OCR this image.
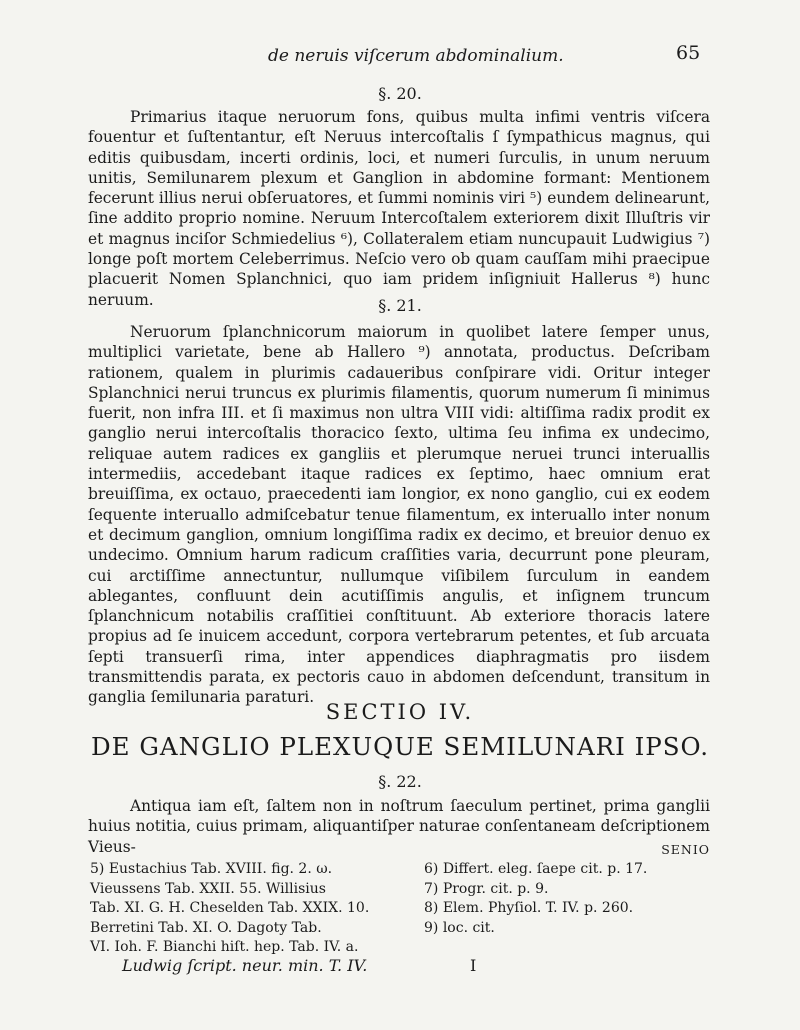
de neruis viſcerum abdominalium.	65
§. 20.

Primarius itaque neruorum fons, quibus multa infimi ventris viſcera fouentur et ſuſtentantur, eſt Neruus intercoſtalis ſ ſympathicus magnus, qui editis quibusdam, incerti ordinis, loci, et numeri ſurculis, in unum neruum unitis, Semilunarem plexum et Ganglion in abdomine formant: Mentionem fecerunt illius nerui obſeruatores, et ſummi nominis viri ⁵) eundem delinearunt, ſine addito proprio nomine. Neruum Intercoſtalem exteriorem dixit Illuſtris vir et magnus inciſor Schmiedelius ⁶), Collateralem etiam nuncupauit Ludwigius ⁷) longe poſt mortem Celeberrimus. Neſcio vero ob quam cauſſam mihi praecipue placuerit Nomen Splanchnici, quo iam pridem inſigniuit Hallerus ⁸) hunc neruum.	§. 21.

Neruorum ſplanchnicorum maiorum in quolibet latere ſemper unus, multiplici varietate, bene ab Hallero ⁹) annotata, productus. Deſcribam rationem, qualem in plurimis cadaueribus conſpirare vidi. Oritur integer Splanchnici nerui truncus ex plurimis filamentis, quorum numerum ſi minimus fuerit, non infra III. et ſi maximus non ultra VIII vidi: altiſſima radix prodit ex ganglio nerui intercoſtalis thoracico ſexto, ultima ſeu infima ex undecimo, reliquae autem radices ex gangliis et plerumque neruei trunci interuallis intermediis, accedebant itaque radices ex ſeptimo, haec omnium erat breuiſſima, ex octauo, praecedenti iam longior, ex nono ganglio, cui ex eodem ſequente interuallo admiſcebatur tenue filamentum, ex interuallo inter nonum et decimum ganglion, omnium longiſſima radix ex decimo, et breuior denuo ex undecimo. Omnium harum radicum craſſities varia, decurrunt pone pleuram, cui arctiſſime annectuntur, nullumque viſibilem ſurculum in eandem ablegantes, confluunt dein acutiſſimis angulis, et inſignem truncum ſplanchnicum notabilis craſſitiei conſtituunt. Ab exteriore thoracis latere propius ad ſe inuicem accedunt, corpora vertebrarum petentes, et ſub arcuata ſepti transuerſi rima, inter appendices diaphragmatis pro iisdem transmittendis parata, ex pectoris cauo in abdomen deſcendunt, transitum in ganglia ſemilunaria paraturi.

SECTIO IV.
DE GANGLIO PLEXUQUE SEMILUNARI IPSO.
§. 22.

Antiqua iam eſt, ſaltem non in noſtrum ſaeculum pertinet, prima ganglii huius notitia, cuius primam, aliquantiſper naturae conſentaneam deſcriptionem Vieus-	SENIO
5) Eustachius Tab. XVIII. fig. 2. ω.
Vieussens Tab. XXII. 55. Willisius
Tab. XI. G. H. Cheselden Tab. XXIX. 10.
Berretini Tab. XI. O. Dagoty Tab.
VI. Ioh. F. Bianchi hiſt. hep. Tab. IV. a.
6) Differt. eleg. ſaepe cit. p. 17.
7) Progr. cit. p. 9.
8) Elem. Phyſiol. T. IV. p. 260.
9) loc. cit.
Ludwig ſcript. neur. min. T. IV.	I
